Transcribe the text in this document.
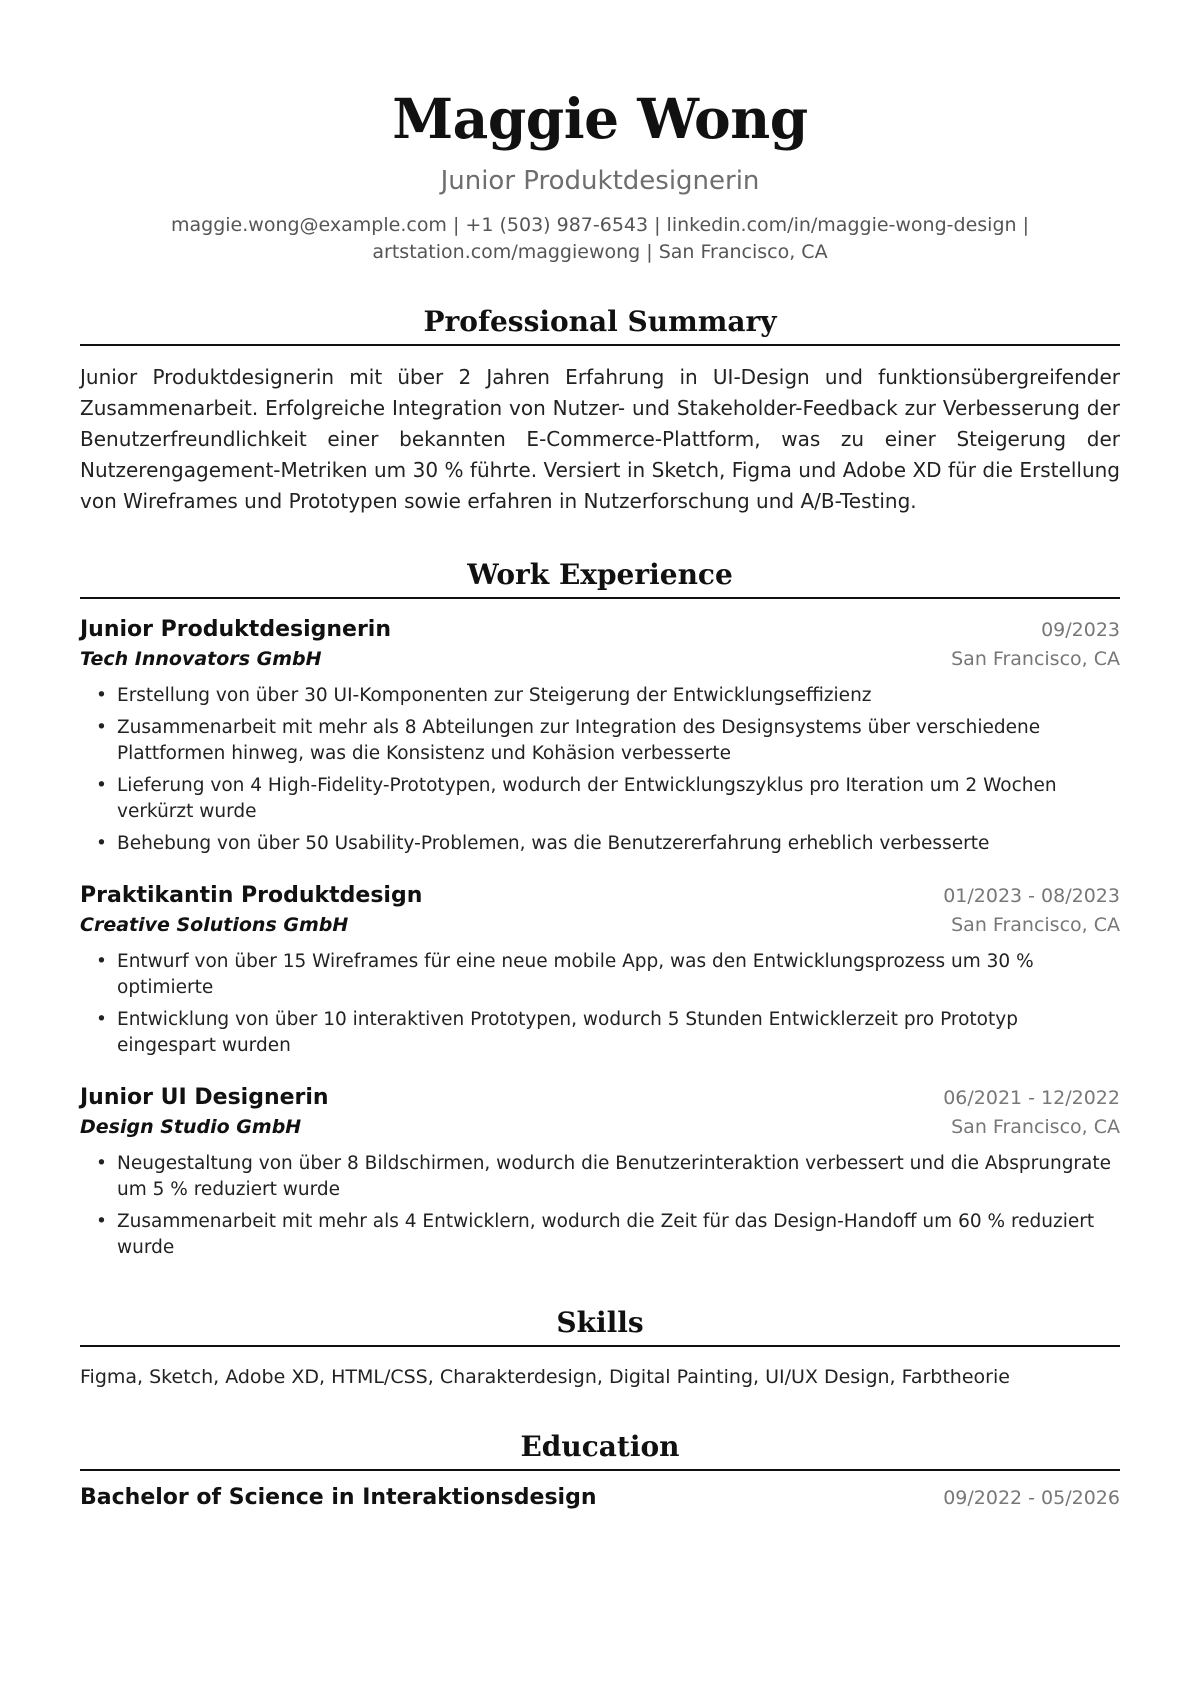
Maggie Wong
Junior Produktdesignerin
maggie.wong@example.com | +1 (503) 987-6543 | linkedin.com/in/maggie-wong-design |
artstation.com/maggiewong | San Francisco, CA
Professional Summary
Junior Produktdesignerin mit über 2 Jahren Erfahrung in UI-Design und funktionsübergreifender Zusammenarbeit. Erfolgreiche Integration von Nutzer- und Stakeholder-Feedback zur Verbesserung der Benutzerfreundlichkeit einer bekannten E-Commerce-Plattform, was zu einer Steigerung der Nutzerengagement-Metriken um 30 % führte. Versiert in Sketch, Figma und Adobe XD für die Erstellung von Wireframes und Prototypen sowie erfahren in Nutzerforschung und A/B-Testing.
Work Experience
Junior Produktdesignerin	09/2023
Tech Innovators GmbH	San Francisco, CA
• Erstellung von über 30 UI-Komponenten zur Steigerung der Entwicklungseffizienz
• Zusammenarbeit mit mehr als 8 Abteilungen zur Integration des Designsystems über verschiedene Plattformen hinweg, was die Konsistenz und Kohäsion verbesserte
• Lieferung von 4 High-Fidelity-Prototypen, wodurch der Entwicklungszyklus pro Iteration um 2 Wochen verkürzt wurde
• Behebung von über 50 Usability-Problemen, was die Benutzererfahrung erheblich verbesserte
Praktikantin Produktdesign	01/2023 - 08/2023
Creative Solutions GmbH	San Francisco, CA
• Entwurf von über 15 Wireframes für eine neue mobile App, was den Entwicklungsprozess um 30 % optimierte
• Entwicklung von über 10 interaktiven Prototypen, wodurch 5 Stunden Entwicklerzeit pro Prototyp eingespart wurden
Junior UI Designerin	06/2021 - 12/2022
Design Studio GmbH	San Francisco, CA
• Neugestaltung von über 8 Bildschirmen, wodurch die Benutzerinteraktion verbessert und die Absprungrate um 5 % reduziert wurde
• Zusammenarbeit mit mehr als 4 Entwicklern, wodurch die Zeit für das Design-Handoff um 60 % reduziert wurde
Skills
Figma, Sketch, Adobe XD, HTML/CSS, Charakterdesign, Digital Painting, UI/UX Design, Farbtheorie
Education
Bachelor of Science in Interaktionsdesign	09/2022 - 05/2026
